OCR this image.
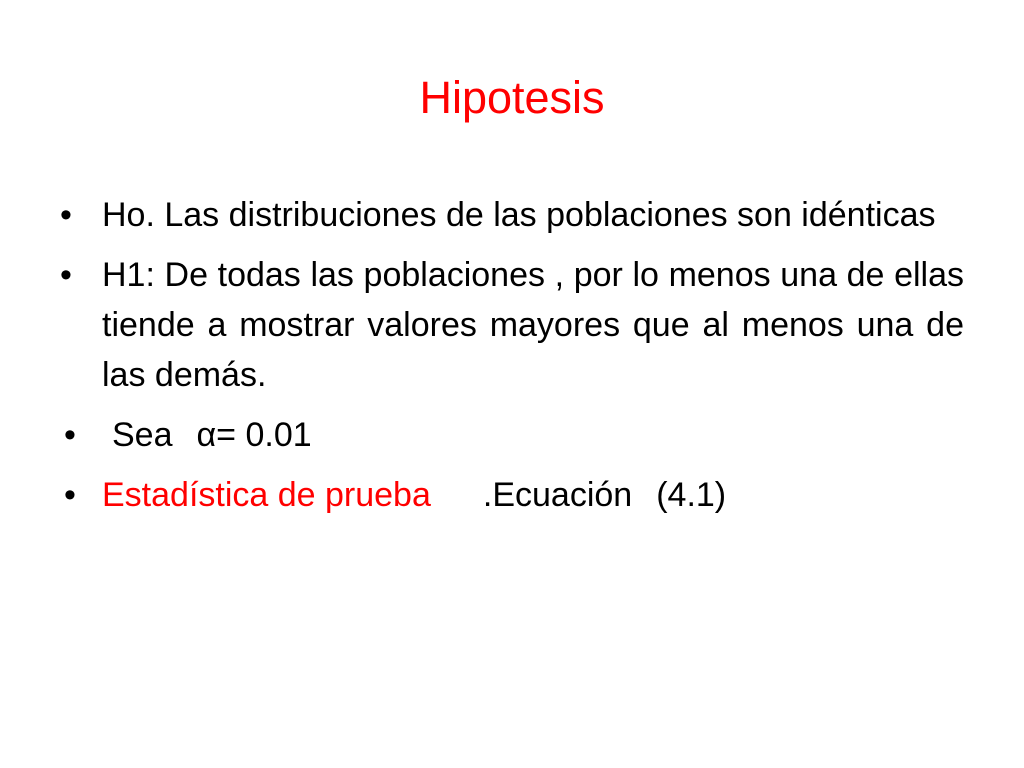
Hipotesis
• Ho. Las distribuciones de las poblaciones son idénticas
• H1: De todas las poblaciones , por lo menos una de ellas tiende a mostrar valores mayores que al menos una de las demás.
• Sea α= 0.01
• Estadística de prueba .Ecuación (4.1)
